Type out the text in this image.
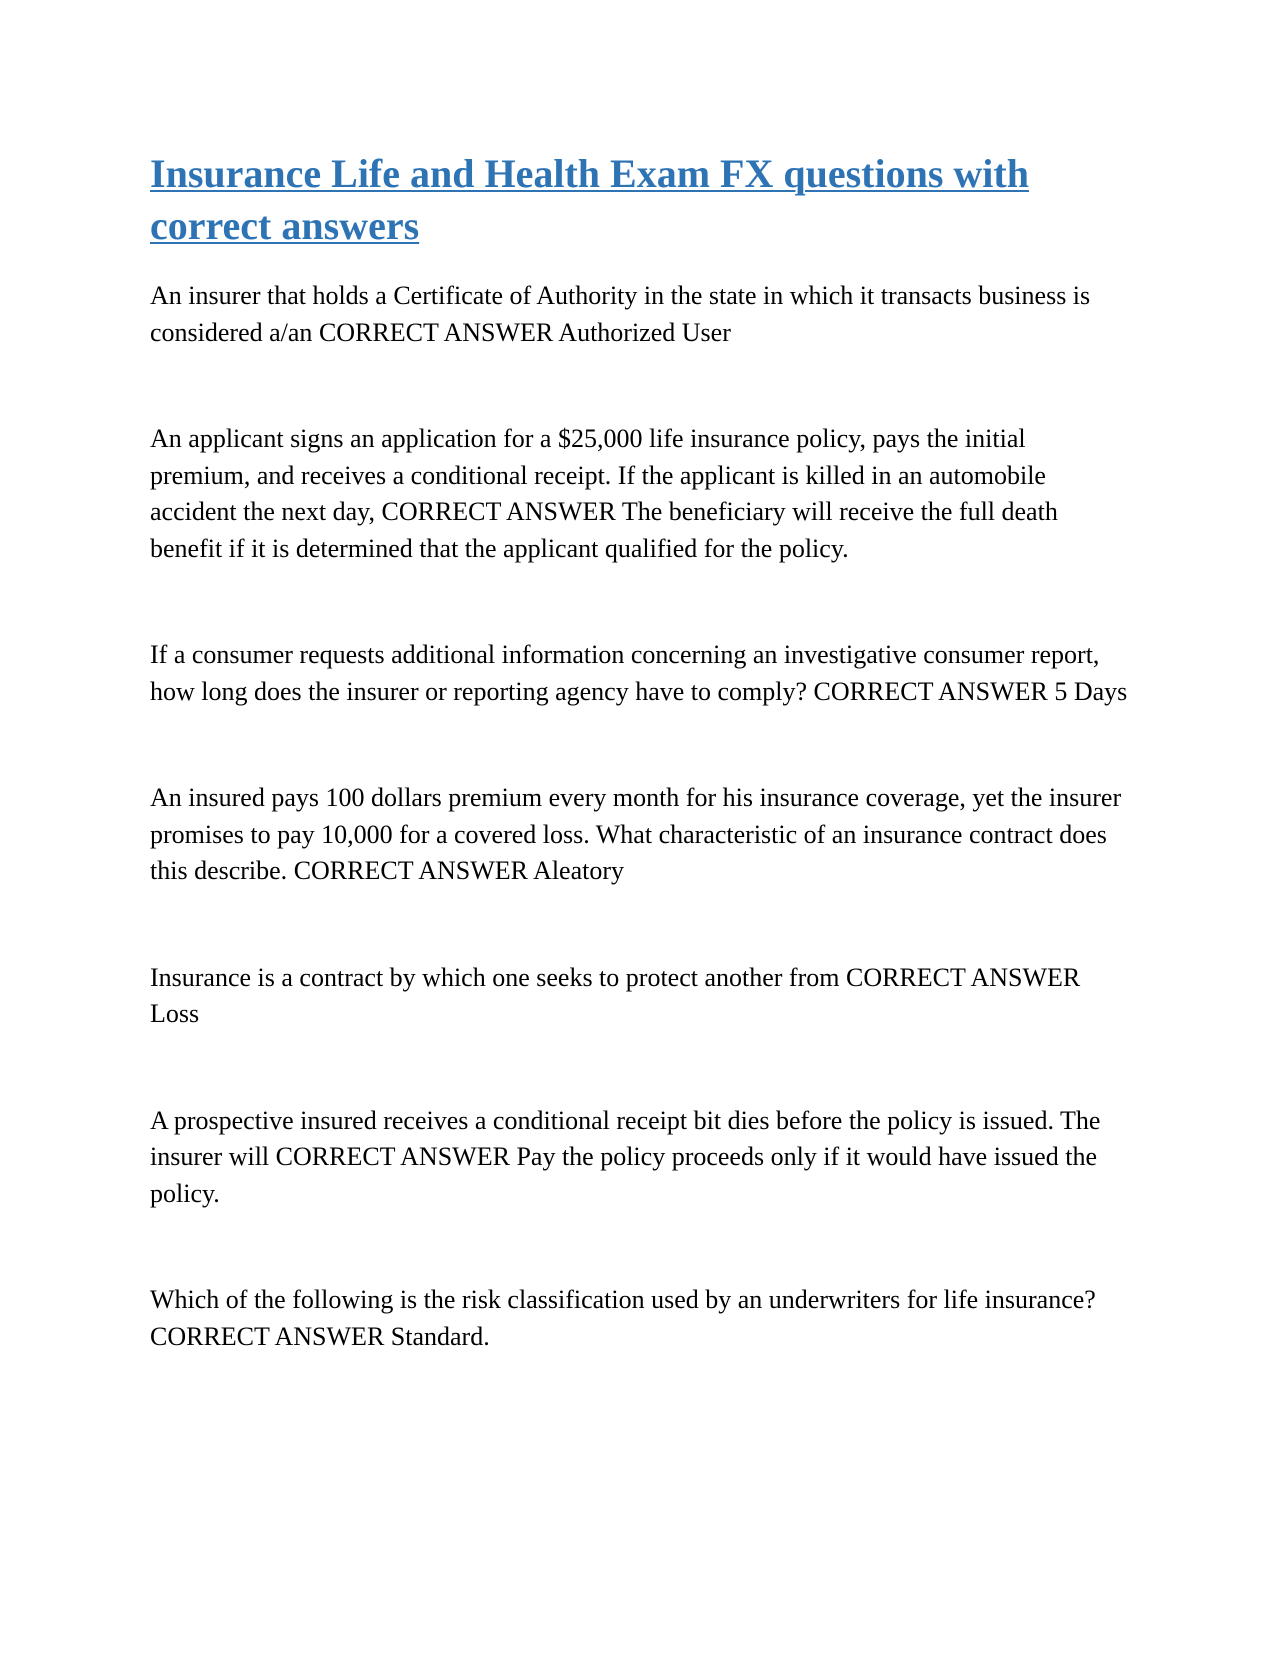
Insurance Life and Health Exam FX questions with correct answers

An insurer that holds a Certificate of Authority in the state in which it transacts business is considered a/an CORRECT ANSWER Authorized User

An applicant signs an application for a $25,000 life insurance policy, pays the initial premium, and receives a conditional receipt. If the applicant is killed in an automobile accident the next day, CORRECT ANSWER The beneficiary will receive the full death benefit if it is determined that the applicant qualified for the policy.

If a consumer requests additional information concerning an investigative consumer report, how long does the insurer or reporting agency have to comply? CORRECT ANSWER 5 Days

An insured pays 100 dollars premium every month for his insurance coverage, yet the insurer promises to pay 10,000 for a covered loss. What characteristic of an insurance contract does this describe. CORRECT ANSWER Aleatory

Insurance is a contract by which one seeks to protect another from CORRECT ANSWER Loss

A prospective insured receives a conditional receipt bit dies before the policy is issued. The insurer will CORRECT ANSWER Pay the policy proceeds only if it would have issued the policy.

Which of the following is the risk classification used by an underwriters for life insurance? CORRECT ANSWER Standard.
